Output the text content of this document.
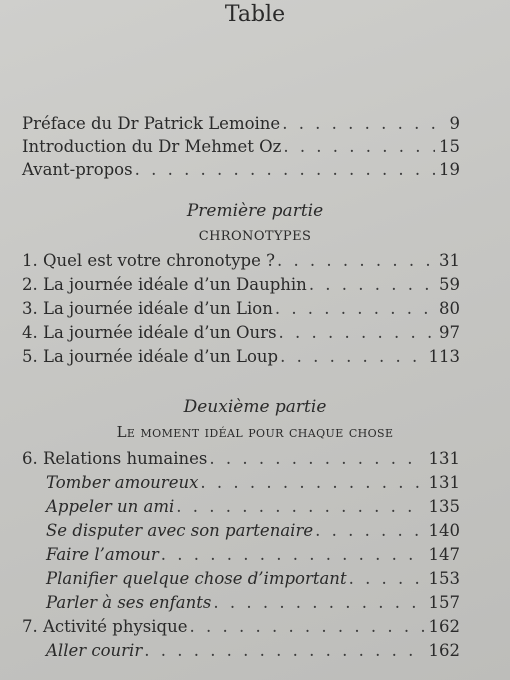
Table
Préface du Dr Patrick Lemoine . . .	9
Introduction du Dr Mehmet Oz . . .	15
Avant-propos . . .	19
Première partie
CHRONOTYPES
1. Quel est votre chronotype ? . . .	31
2. La journée idéale d’un Dauphin . . .	59
3. La journée idéale d’un Lion . . .	80
4. La journée idéale d’un Ours . . .	97
5. La journée idéale d’un Loup . . .	113
Deuxième partie
Le moment idéal pour chaque chose
6. Relations humaines . . .	131
Tomber amoureux . . .	131
Appeler un ami . . .	135
Se disputer avec son partenaire . . .	140
Faire l’amour . . .	147
Planifier quelque chose d’important . . .	153
Parler à ses enfants . . .	157
7. Activité physique . . .	162
Aller courir . . .	162
